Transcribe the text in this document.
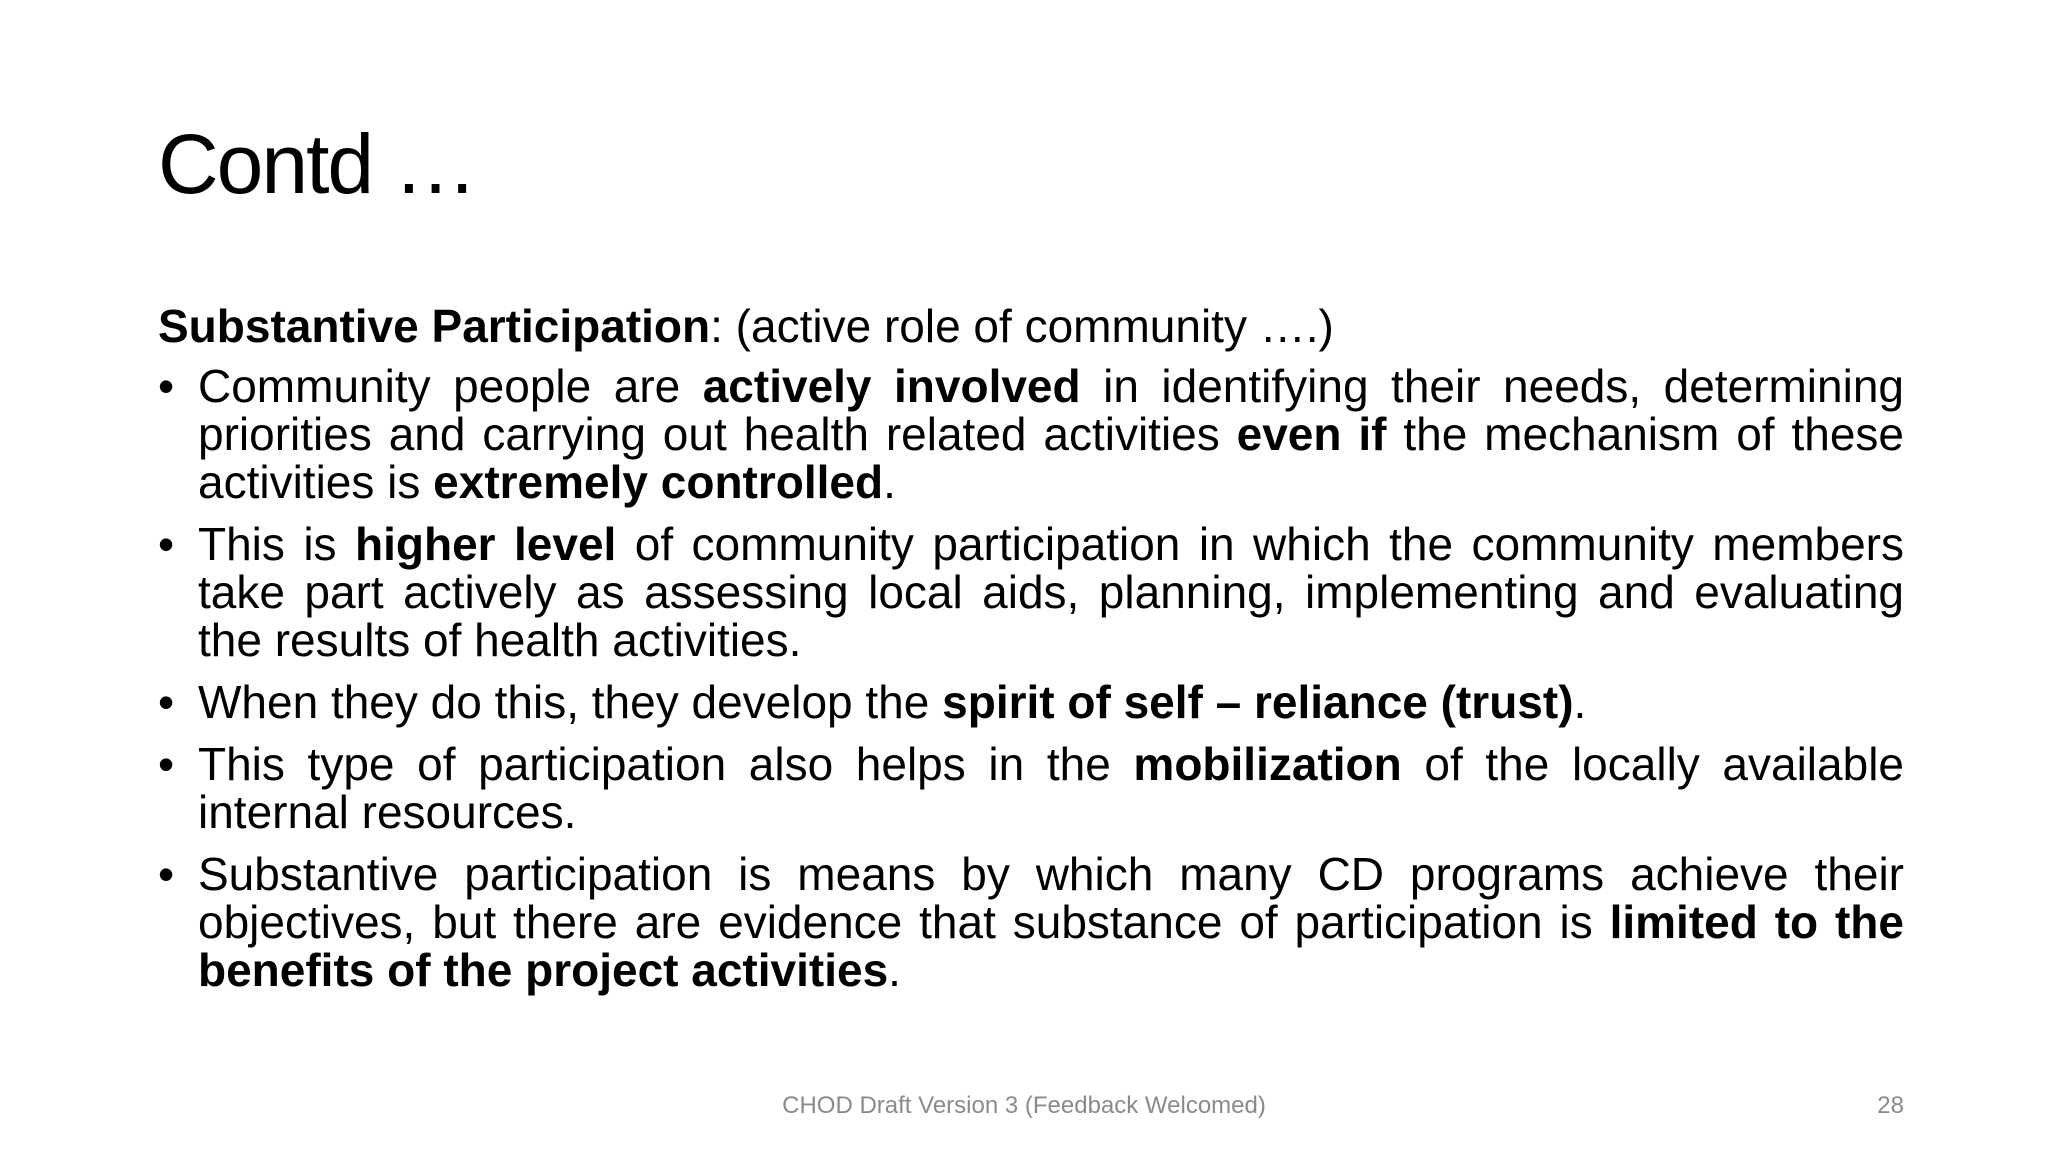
Contd …
Substantive Participation: (active role of community ….)
• Community people are actively involved in identifying their needs, determining priorities and carrying out health related activities even if the mechanism of these activities is extremely controlled.
• This is higher level of community participation in which the community members take part actively as assessing local aids, planning, implementing and evaluating the results of health activities.
• When they do this, they develop the spirit of self – reliance (trust).
• This type of participation also helps in the mobilization of the locally available internal resources.
• Substantive participation is means by which many CD programs achieve their objectives, but there are evidence that substance of participation is limited to the benefits of the project activities.
CHOD Draft Version 3 (Feedback Welcomed)	28
